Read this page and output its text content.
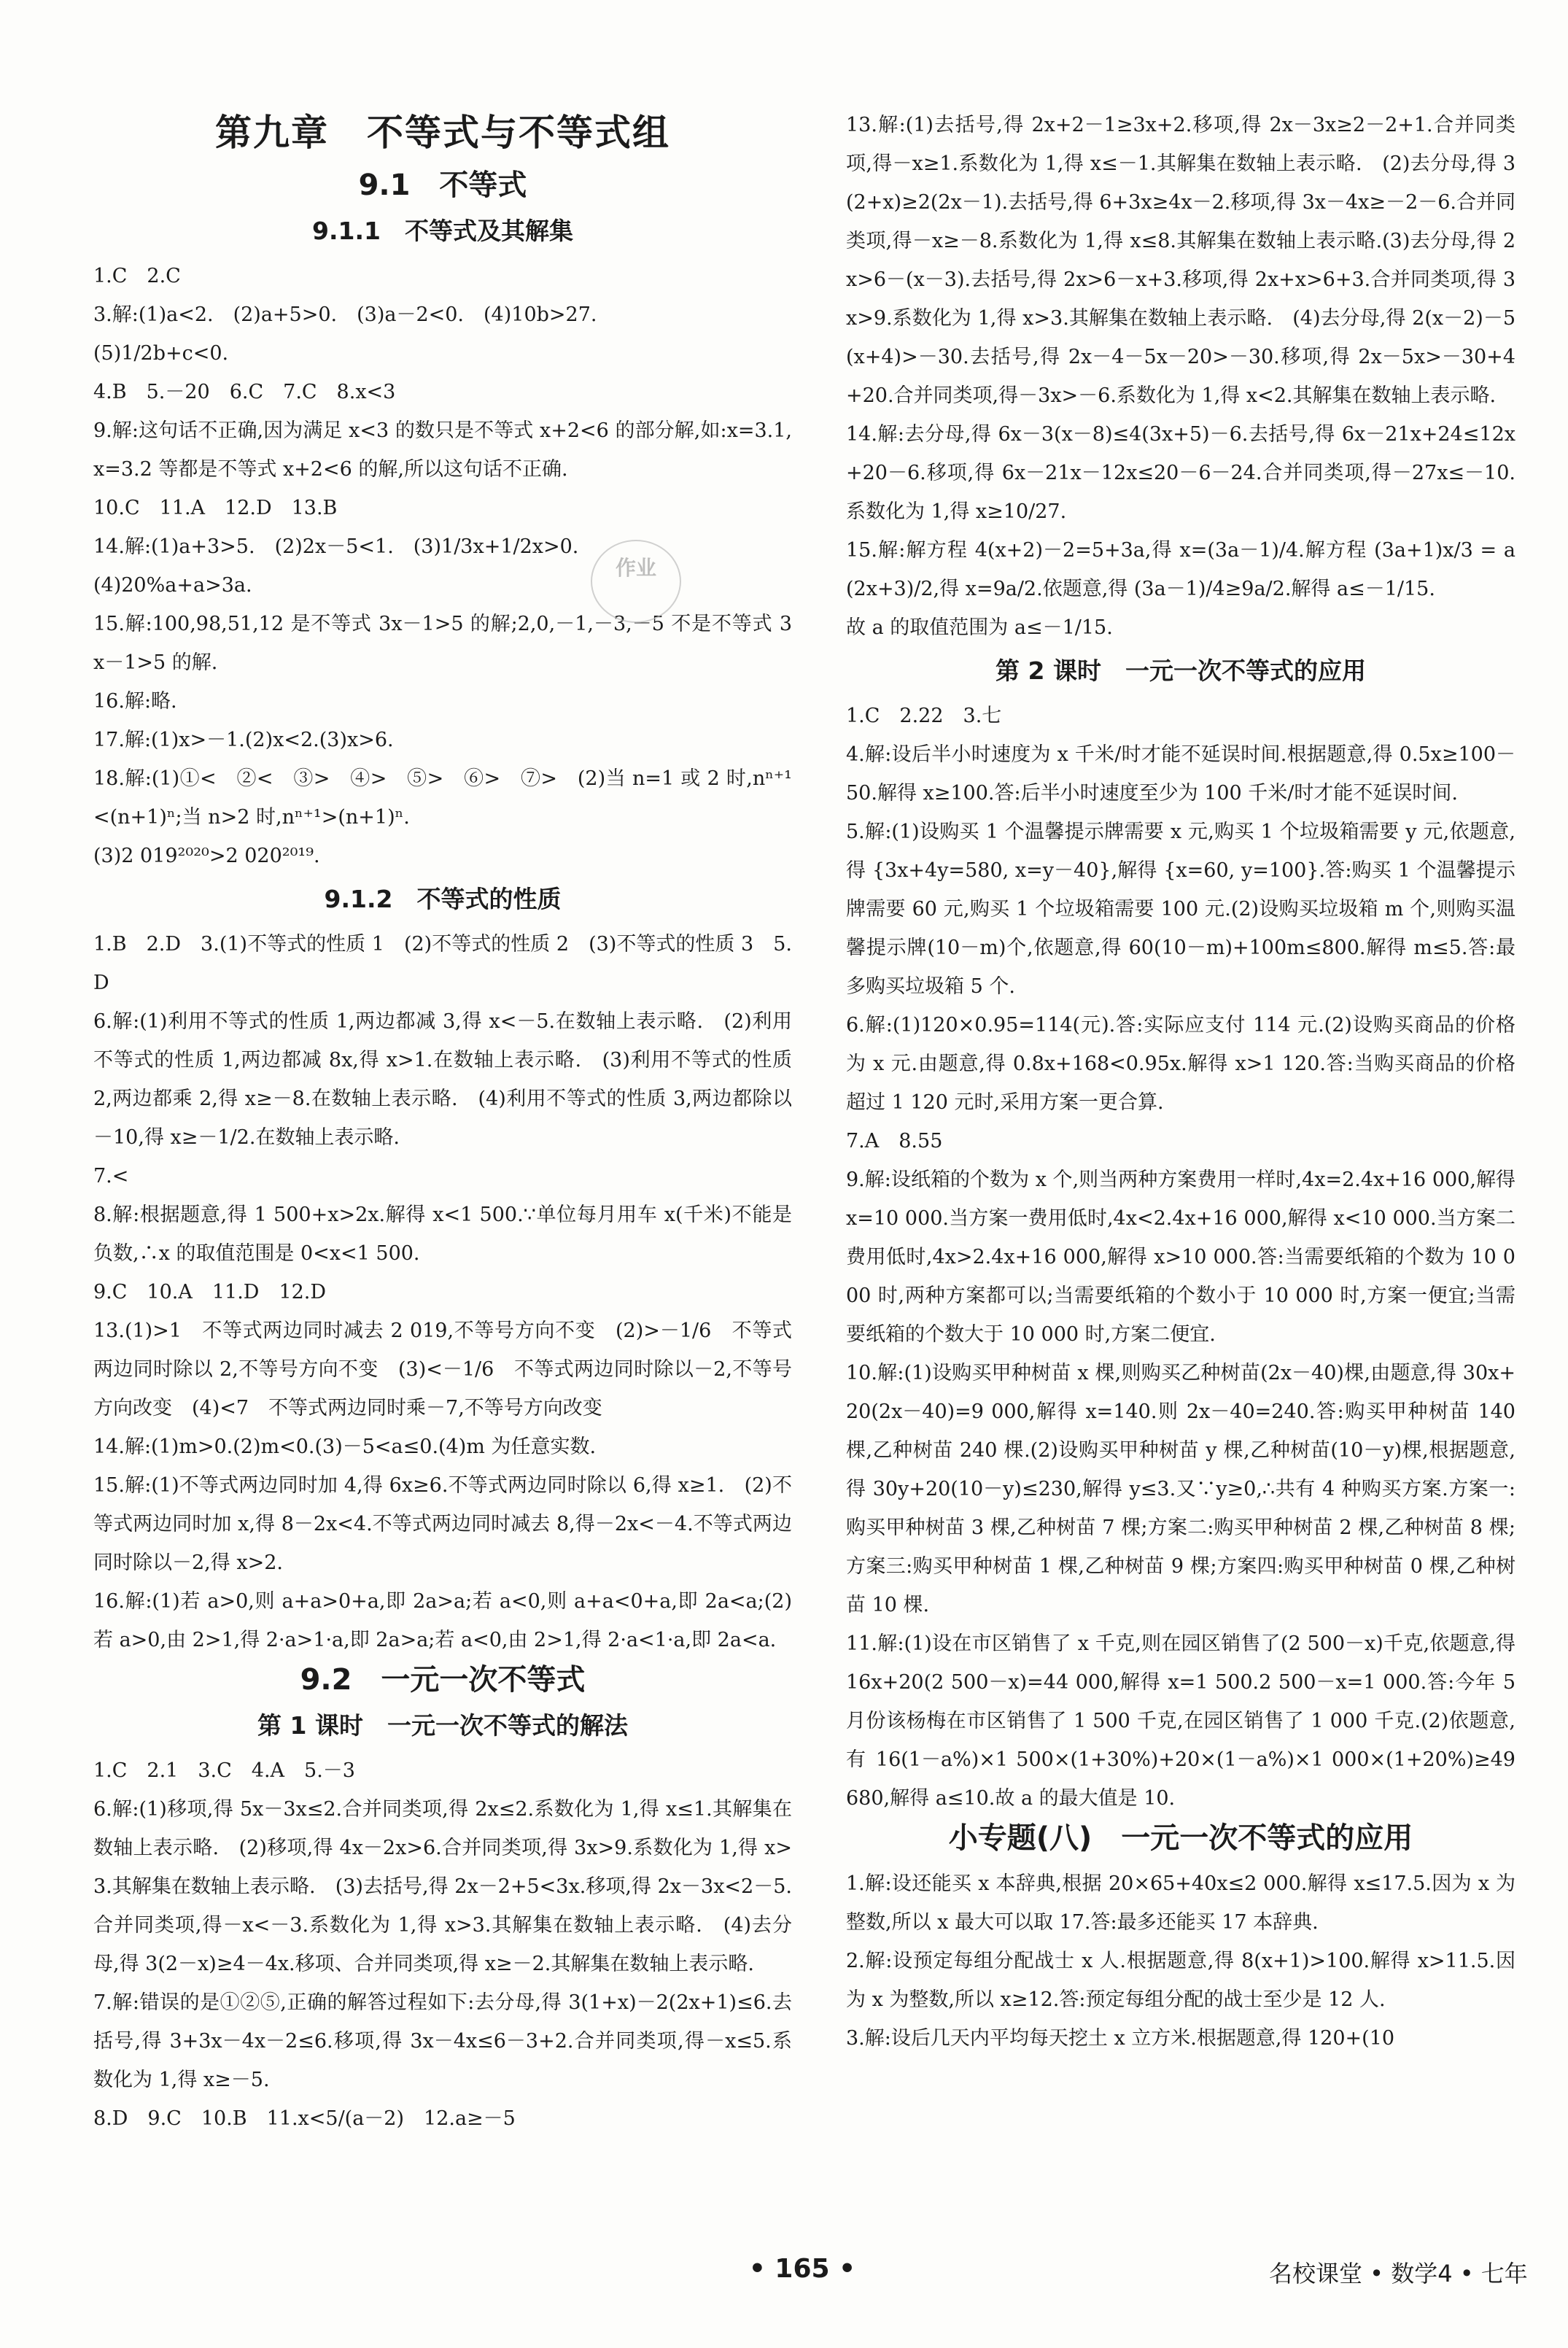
第九章　不等式与不等式组
9.1　不等式
9.1.1　不等式及其解集

1.C　2.C

3.解:(1)a<2.　(2)a+5>0.　(3)a－2<0.　(4)10b>27.

(5)1/2b+c<0.

4.B　5.－20　6.C　7.C　8.x<3

9.解:这句话不正确,因为满足 x<3 的数只是不等式 x+2<6 的部分解,如:x=3.1,x=3.2 等都是不等式 x+2<6 的解,所以这句话不正确.

10.C　11.A　12.D　13.B

14.解:(1)a+3>5.　(2)2x－5<1.　(3)1/3x+1/2x>0.

(4)20%a+a>3a.

15.解:100,98,51,12 是不等式 3x－1>5 的解;2,0,－1,－3,－5 不是不等式 3x－1>5 的解.

16.解:略.

17.解:(1)x>－1.(2)x<2.(3)x>6.

18.解:(1)①<　②<　③>　④>　⑤>　⑥>　⑦>　(2)当 n=1 或 2 时,nⁿ⁺¹<(n+1)ⁿ;当 n>2 时,nⁿ⁺¹>(n+1)ⁿ.

(3)2 019²⁰²⁰>2 020²⁰¹⁹.

9.1.2　不等式的性质

1.B　2.D　3.(1)不等式的性质 1　(2)不等式的性质 2　(3)不等式的性质 3　5.D

6.解:(1)利用不等式的性质 1,两边都减 3,得 x<－5.在数轴上表示略.　(2)利用不等式的性质 1,两边都减 8x,得 x>1.在数轴上表示略.　(3)利用不等式的性质 2,两边都乘 2,得 x≥－8.在数轴上表示略.　(4)利用不等式的性质 3,两边都除以－10,得 x≥－1/2.在数轴上表示略.

7.<

8.解:根据题意,得 1 500+x>2x.解得 x<1 500.∵单位每月用车 x(千米)不能是负数,∴x 的取值范围是 0<x<1 500.

9.C　10.A　11.D　12.D

13.(1)>1　不等式两边同时减去 2 019,不等号方向不变　(2)>－1/6　不等式两边同时除以 2,不等号方向不变　(3)<－1/6　不等式两边同时除以－2,不等号方向改变　(4)<7　不等式两边同时乘－7,不等号方向改变

14.解:(1)m>0.(2)m<0.(3)－5<a≤0.(4)m 为任意实数.

15.解:(1)不等式两边同时加 4,得 6x≥6.不等式两边同时除以 6,得 x≥1.　(2)不等式两边同时加 x,得 8－2x<4.不等式两边同时减去 8,得－2x<－4.不等式两边同时除以－2,得 x>2.

16.解:(1)若 a>0,则 a+a>0+a,即 2a>a;若 a<0,则 a+a<0+a,即 2a<a;(2)若 a>0,由 2>1,得 2·a>1·a,即 2a>a;若 a<0,由 2>1,得 2·a<1·a,即 2a<a.

9.2　一元一次不等式
第 1 课时　一元一次不等式的解法

1.C　2.1　3.C　4.A　5.－3

6.解:(1)移项,得 5x－3x≤2.合并同类项,得 2x≤2.系数化为 1,得 x≤1.其解集在数轴上表示略.　(2)移项,得 4x－2x>6.合并同类项,得 3x>9.系数化为 1,得 x>3.其解集在数轴上表示略.　(3)去括号,得 2x－2+5<3x.移项,得 2x－3x<2－5.合并同类项,得－x<－3.系数化为 1,得 x>3.其解集在数轴上表示略.　(4)去分母,得 3(2－x)≥4－4x.移项、合并同类项,得 x≥－2.其解集在数轴上表示略.

7.解:错误的是①②⑤,正确的解答过程如下:去分母,得 3(1+x)－2(2x+1)≤6.去括号,得 3+3x－4x－2≤6.移项,得 3x－4x≤6－3+2.合并同类项,得－x≤5.系数化为 1,得 x≥－5.

8.D　9.C　10.B　11.x<5/(a－2)　12.a≥－5

13.解:(1)去括号,得 2x+2－1≥3x+2.移项,得 2x－3x≥2－2+1.合并同类项,得－x≥1.系数化为 1,得 x≤－1.其解集在数轴上表示略.　(2)去分母,得 3(2+x)≥2(2x－1).去括号,得 6+3x≥4x－2.移项,得 3x－4x≥－2－6.合并同类项,得－x≥－8.系数化为 1,得 x≤8.其解集在数轴上表示略.(3)去分母,得 2x>6－(x－3).去括号,得 2x>6－x+3.移项,得 2x+x>6+3.合并同类项,得 3x>9.系数化为 1,得 x>3.其解集在数轴上表示略.　(4)去分母,得 2(x－2)－5(x+4)>－30.去括号,得 2x－4－5x－20>－30.移项,得 2x－5x>－30+4+20.合并同类项,得－3x>－6.系数化为 1,得 x<2.其解集在数轴上表示略.

14.解:去分母,得 6x－3(x－8)≤4(3x+5)－6.去括号,得 6x－21x+24≤12x+20－6.移项,得 6x－21x－12x≤20－6－24.合并同类项,得－27x≤－10.系数化为 1,得 x≥10/27.

15.解:解方程 4(x+2)－2=5+3a,得 x=(3a－1)/4.解方程 (3a+1)x/3 = a(2x+3)/2,得 x=9a/2.依题意,得 (3a－1)/4≥9a/2.解得 a≤－1/15.

故 a 的取值范围为 a≤－1/15.

第 2 课时　一元一次不等式的应用

1.C　2.22　3.七

4.解:设后半小时速度为 x 千米/时才能不延误时间.根据题意,得 0.5x≥100－50.解得 x≥100.答:后半小时速度至少为 100 千米/时才能不延误时间.

5.解:(1)设购买 1 个温馨提示牌需要 x 元,购买 1 个垃圾箱需要 y 元,依题意,得 {3x+4y=580, x=y－40},解得 {x=60, y=100}.答:购买 1 个温馨提示牌需要 60 元,购买 1 个垃圾箱需要 100 元.(2)设购买垃圾箱 m 个,则购买温馨提示牌(10－m)个,依题意,得 60(10－m)+100m≤800.解得 m≤5.答:最多购买垃圾箱 5 个.

6.解:(1)120×0.95=114(元).答:实际应支付 114 元.(2)设购买商品的价格为 x 元.由题意,得 0.8x+168<0.95x.解得 x>1 120.答:当购买商品的价格超过 1 120 元时,采用方案一更合算.

7.A　8.55

9.解:设纸箱的个数为 x 个,则当两种方案费用一样时,4x=2.4x+16 000,解得 x=10 000.当方案一费用低时,4x<2.4x+16 000,解得 x<10 000.当方案二费用低时,4x>2.4x+16 000,解得 x>10 000.答:当需要纸箱的个数为 10 000 时,两种方案都可以;当需要纸箱的个数小于 10 000 时,方案一便宜;当需要纸箱的个数大于 10 000 时,方案二便宜.

10.解:(1)设购买甲种树苗 x 棵,则购买乙种树苗(2x－40)棵,由题意,得 30x+20(2x－40)=9 000,解得 x=140.则 2x－40=240.答:购买甲种树苗 140 棵,乙种树苗 240 棵.(2)设购买甲种树苗 y 棵,乙种树苗(10－y)棵,根据题意,得 30y+20(10－y)≤230,解得 y≤3.又∵y≥0,∴共有 4 种购买方案.方案一:购买甲种树苗 3 棵,乙种树苗 7 棵;方案二:购买甲种树苗 2 棵,乙种树苗 8 棵;方案三:购买甲种树苗 1 棵,乙种树苗 9 棵;方案四:购买甲种树苗 0 棵,乙种树苗 10 棵.

11.解:(1)设在市区销售了 x 千克,则在园区销售了(2 500－x)千克,依题意,得 16x+20(2 500－x)=44 000,解得 x=1 500.2 500－x=1 000.答:今年 5 月份该杨梅在市区销售了 1 500 千克,在园区销售了 1 000 千克.(2)依题意,有 16(1－a%)×1 500×(1+30%)+20×(1－a%)×1 000×(1+20%)≥49 680,解得 a≤10.故 a 的最大值是 10.

小专题(八)　一元一次不等式的应用

1.解:设还能买 x 本辞典,根据 20×65+40x≤2 000.解得 x≤17.5.因为 x 为整数,所以 x 最大可以取 17.答:最多还能买 17 本辞典.

2.解:设预定每组分配战士 x 人.根据题意,得 8(x+1)>100.解得 x>11.5.因为 x 为整数,所以 x≥12.答:预定每组分配的战士至少是 12 人.

3.解:设后几天内平均每天挖土 x 立方米.根据题意,得 120+(10

作业
• 165 •	名校课堂 • 数学4 • 七年
